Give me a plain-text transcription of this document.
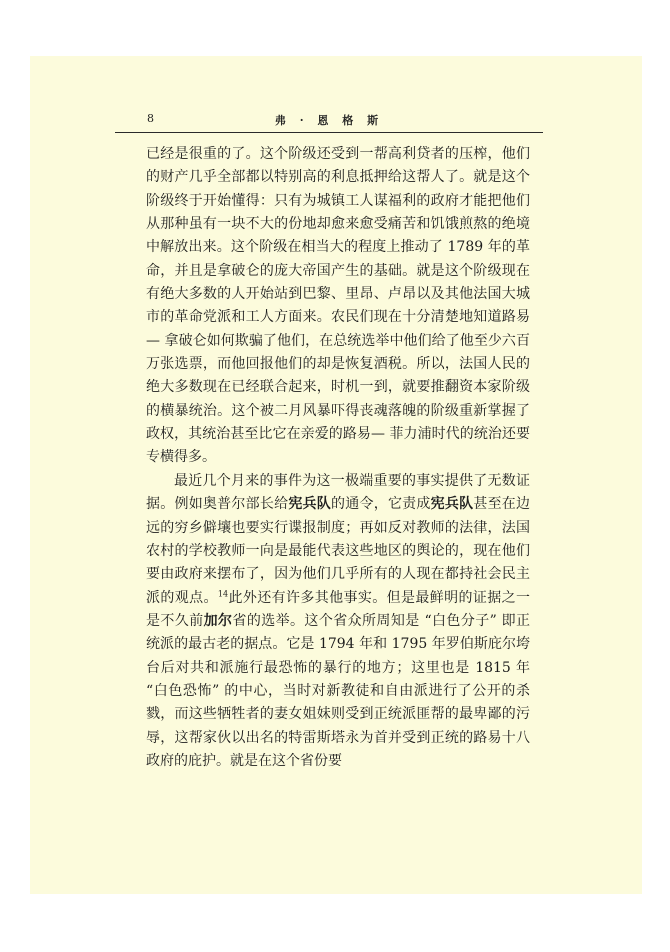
8	弗 · 恩 格 斯

已经是很重的了。这个阶级还受到一帮高利贷者的压榨，他们的财产几乎全部都以特别高的利息抵押给这帮人了。就是这个阶级终于开始懂得：只有为城镇工人谋福利的政府才能把他们从那种虽有一块不大的份地却愈来愈受痛苦和饥饿煎熬的绝境中解放出来。这个阶级在相当大的程度上推动了 1789 年的革命，并且是拿破仑的庞大帝国产生的基础。就是这个阶级现在有绝大多数的人开始站到巴黎、里昂、卢昂以及其他法国大城市的革命党派和工人方面来。农民们现在十分清楚地知道路易— 拿破仑如何欺骗了他们，在总统选举中他们给了他至少六百万张选票，而他回报他们的却是恢复酒税。所以，法国人民的绝大多数现在已经联合起来，时机一到，就要推翻资本家阶级的横暴统治。这个被二月风暴吓得丧魂落魄的阶级重新掌握了政权，其统治甚至比它在亲爱的路易— 菲力浦时代的统治还要专横得多。

最近几个月来的事件为这一极端重要的事实提供了无数证据。例如奥普尔部长给宪兵队的通令，它责成宪兵队甚至在边远的穷乡僻壤也要实行谍报制度；再如反对教师的法律，法国农村的学校教师一向是最能代表这些地区的舆论的，现在他们要由政府来摆布了，因为他们几乎所有的人现在都持社会民主派的观点。$^{14}$此外还有许多其他事实。但是最鲜明的证据之一是不久前加尔省的选举。这个省众所周知是 “白色分子” 即正统派的最古老的据点。它是 1794 年和 1795 年罗伯斯庇尔垮台后对共和派施行最恐怖的暴行的地方；这里也是 1815 年 “白色恐怖” 的中心，当时对新教徒和自由派进行了公开的杀戮，而这些牺牲者的妻女姐妹则受到正统派匪帮的最卑鄙的污辱，这帮家伙以出名的特雷斯塔永为首并受到正统的路易十八政府的庇护。就是在这个省份要
